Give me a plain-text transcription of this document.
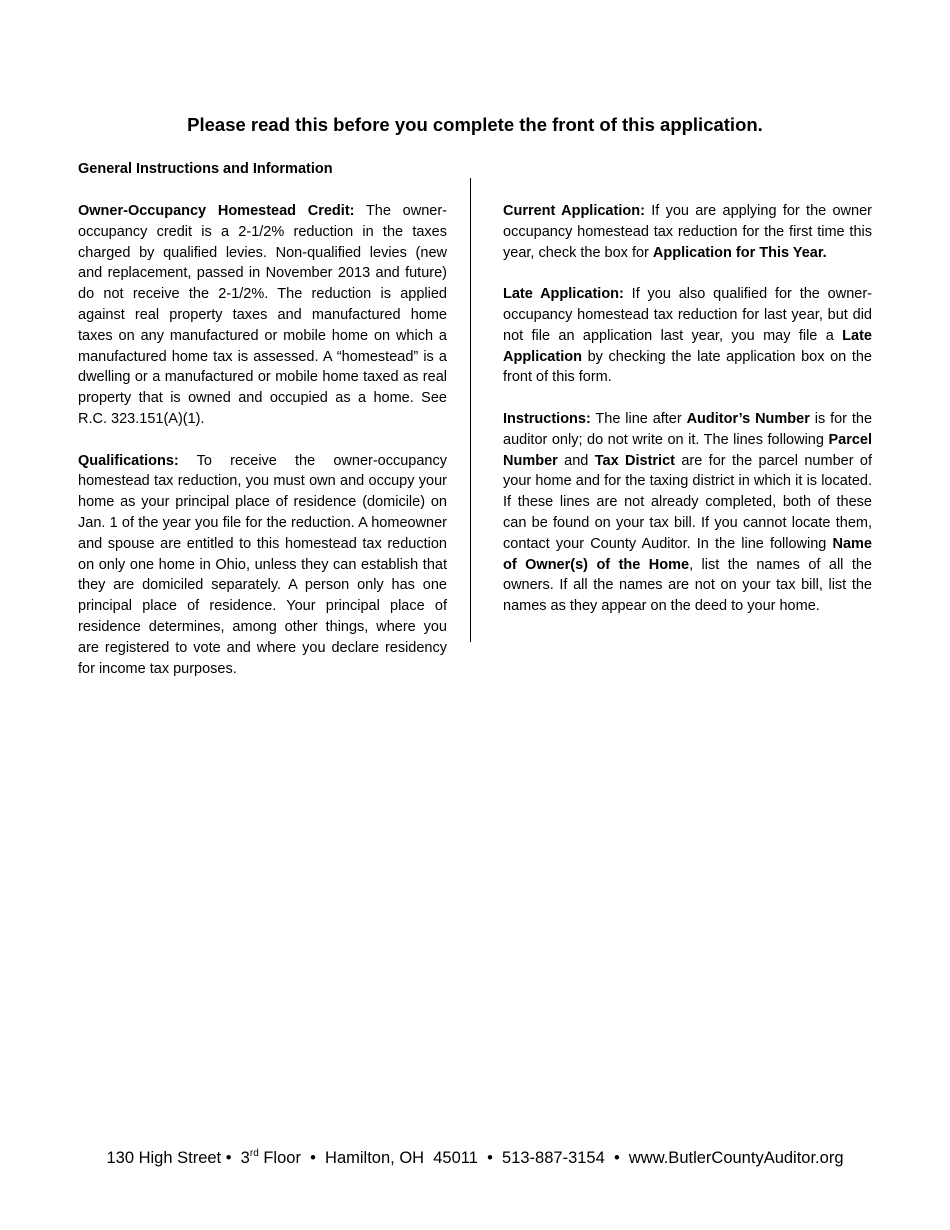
Please read this before you complete the front of this application.
General Instructions and Information

Owner-Occupancy Homestead Credit: The owner-occupancy credit is a 2-1/2% reduction in the taxes charged by qualified levies. Non-qualified levies (new and replacement, passed in November 2013 and future) do not receive the 2-1/2%. The reduction is applied against real property taxes and manufactured home taxes on any manufactured or mobile home on which a manufactured home tax is assessed. A “homestead” is a dwelling or a manufactured or mobile home taxed as real property that is owned and occupied as a home. See R.C. 323.151(A)(1).

Qualifications: To receive the owner-occupancy homestead tax reduction, you must own and occupy your home as your principal place of residence (domicile) on Jan. 1 of the year you file for the reduction. A homeowner and spouse are entitled to this homestead tax reduction on only one home in Ohio, unless they can establish that they are domiciled separately. A person only has one principal place of residence. Your principal place of residence determines, among other things, where you are registered to vote and where you declare residency for income tax purposes.

Current Application: If you are applying for the owner occupancy homestead tax reduction for the first time this year, check the box for Application for This Year.

Late Application: If you also qualified for the owner-occupancy homestead tax reduction for last year, but did not file an application last year, you may file a Late Application by checking the late application box on the front of this form.

Instructions: The line after Auditor’s Number is for the auditor only; do not write on it. The lines following Parcel Number and Tax District are for the parcel number of your home and for the taxing district in which it is located. If these lines are not already completed, both of these can be found on your tax bill. If you cannot locate them, contact your County Auditor. In the line following Name of Owner(s) of the Home, list the names of all the owners. If all the names are not on your tax bill, list the names as they appear on the deed to your home.

130 High Street •  3rd Floor  •  Hamilton, OH  45011  •  513-887-3154  •  www.ButlerCountyAuditor.org
